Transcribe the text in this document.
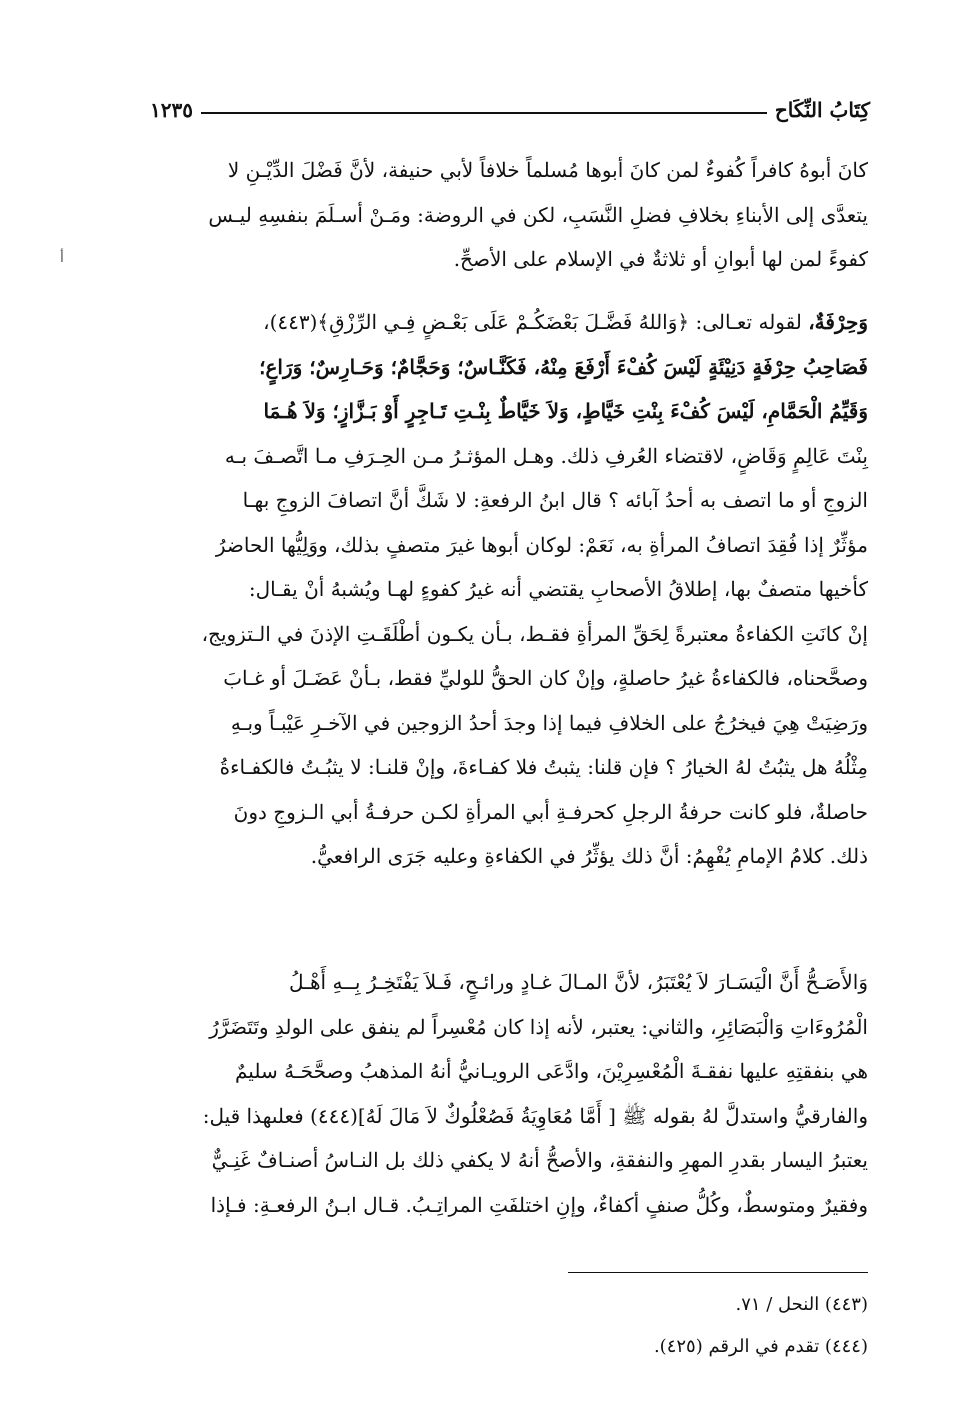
كِتَابُ النِّكَاح
١٢٣٥
أ
كانَ أبوهُ كافراً كُفوءٌ لمن كانَ أبوها مُسلماً خلافاً لأبي حنيفة، لأنَّ فَضْلَ الدِّيْـنِ لا
يتعدَّى إلى الأبناءِ بخلافِ فضلِ النَّسَبِ، لكن في الروضة: ومَـنْ أسـلَمَ بنفسِهِ ليـس
كفوءً لمن لها أبوانِ أو ثلاثةٌ في الإسلام على الأصحِّ.
وَحِرْفَةٌ، لقوله تعـالى: ﴿وَاللهُ فَضَّـلَ بَعْضَكُـمْ عَلَى بَعْـضٍ فِـي الرِّزْقِ﴾(٤٤٣)،
فَصَاحِبُ حِرْفَةٍ دَنِيْئَةٍ لَيْسَ كُفْءَ أَرْفَعَ مِنْهُ، فَكَنَّـاسٌ؛ وَحَجَّامٌ؛ وَحَـارِسٌ؛ وَرَاعٍ؛
وَقَيِّمُ الْحَمَّامِ، لَيْسَ كُفْءَ بِنْتِ خَيَّاطٍ، وَلاَ خَيَّاطٌ بِنْـتِ تَـاجِرٍ أَوْ بَـزَّازٍ؛ وَلاَ هُـمَا
بِنْتَ عَالِمٍ وَقَاضٍ، لاقتضاء العُرفِ ذلك. وهـل المؤثـرُ مـن الحِـرَفِ مـا اتَّصـفَ بـه
الزوجِ أو ما اتصف به أحدُ آبائه ؟ قال ابنُ الرفعةِ: لا شَكَّ أنَّ اتصافَ الزوجِ بهـا
مؤثِّرٌ إذا فُقِدَ اتصافُ المرأةِ به، نَعَمْ: لوكان أبوها غيرَ متصفٍ بذلك، ووَلِيُّها الحاضرُ
كأخيها متصفٌ بها، إطلاقُ الأصحابِ يقتضي أنه غيرُ كفوءٍ لهـا ويُشبهُ أنْ يقـال:
إنْ كانَتِ الكفاءةُ معتبرةً لِحَقِّ المرأةِ فقـط، بـأن يكـون أطْلَقَـتِ الإذنَ في الـتزويج،
وصحَّحناه، فالكفاءةُ غيرُ حاصلةٍ، وإنْ كان الحقُّ للوليِّ فقط، بـأنْ عَضَـلَ أو غـابَ
ورَضِيَتْ هِيَ فيخرُجُ على الخلافِ فيما إذا وجدَ أحدُ الزوجين في الآخـرِ عَيْبـاً وبـهِ
مِثْلُهُ هل يثبُتُ لهُ الخيارُ ؟ فإن قلنا: يثبتُ فلا كفـاءةَ، وإنْ قلنـا: لا يثبُـتُ فالكفـاءةُ
حاصلةٌ، فلو كانت حرفةُ الرجلِ كحرفـةِ أبي المرأةِ لكـن حرفـةُ أبي الـزوجِ دونَ
ذلك. كلامُ الإمامِ يُفْهِمُ: أنَّ ذلك يؤثِّرُ في الكفاءةِ وعليه جَرَى الرافعيُّ.
وَالأَصَـحُّ أَنَّ الْيَسَـارَ لاَ يُعْتَبَرُ، لأنَّ المـالَ غـادٍ ورائـحٍ، فَـلاَ يَفْتَخِـرُ بِــهِ أَهْـلُ
الْمُرُوءَاتِ وَالْبَصَائِرِ، والثاني: يعتبر، لأنه إذا كان مُعْسِراً لم ينفق على الولدِ وتَتَضَرَّرُ
هي بنفقتِهِ عليها نفقـةَ الْمُعْسِرِيْنَ، وادَّعَى الرويـانيُّ أنهُ المذهبُ وصحَّحَـهُ سليمٌ
والفارقيُّ واستدلَّ لهُ بقوله ﷺ [ أَمَّا مُعَاوِيَةُ فَصُعْلُوكٌ لاَ مَالَ لَهُ](٤٤٤) فعلىهذا قيل:
يعتبرُ اليسار بقدرِ المهرِ والنفقةِ، والأصحُّ أنهُ لا يكفي ذلك بل النـاسُ أصنـافٌ غَنِـيٌّ
وفقيرٌ ومتوسطٌ، وكُلُّ صنفٍ أكفاءٌ، وإنِ اختلفَتِ المراتِـبُ. قـال ابـنُ الرفعـةِ: فـإذا
(٤٤٣) النحل / ٧١.
(٤٤٤) تقدم في الرقم (٤٢٥).
